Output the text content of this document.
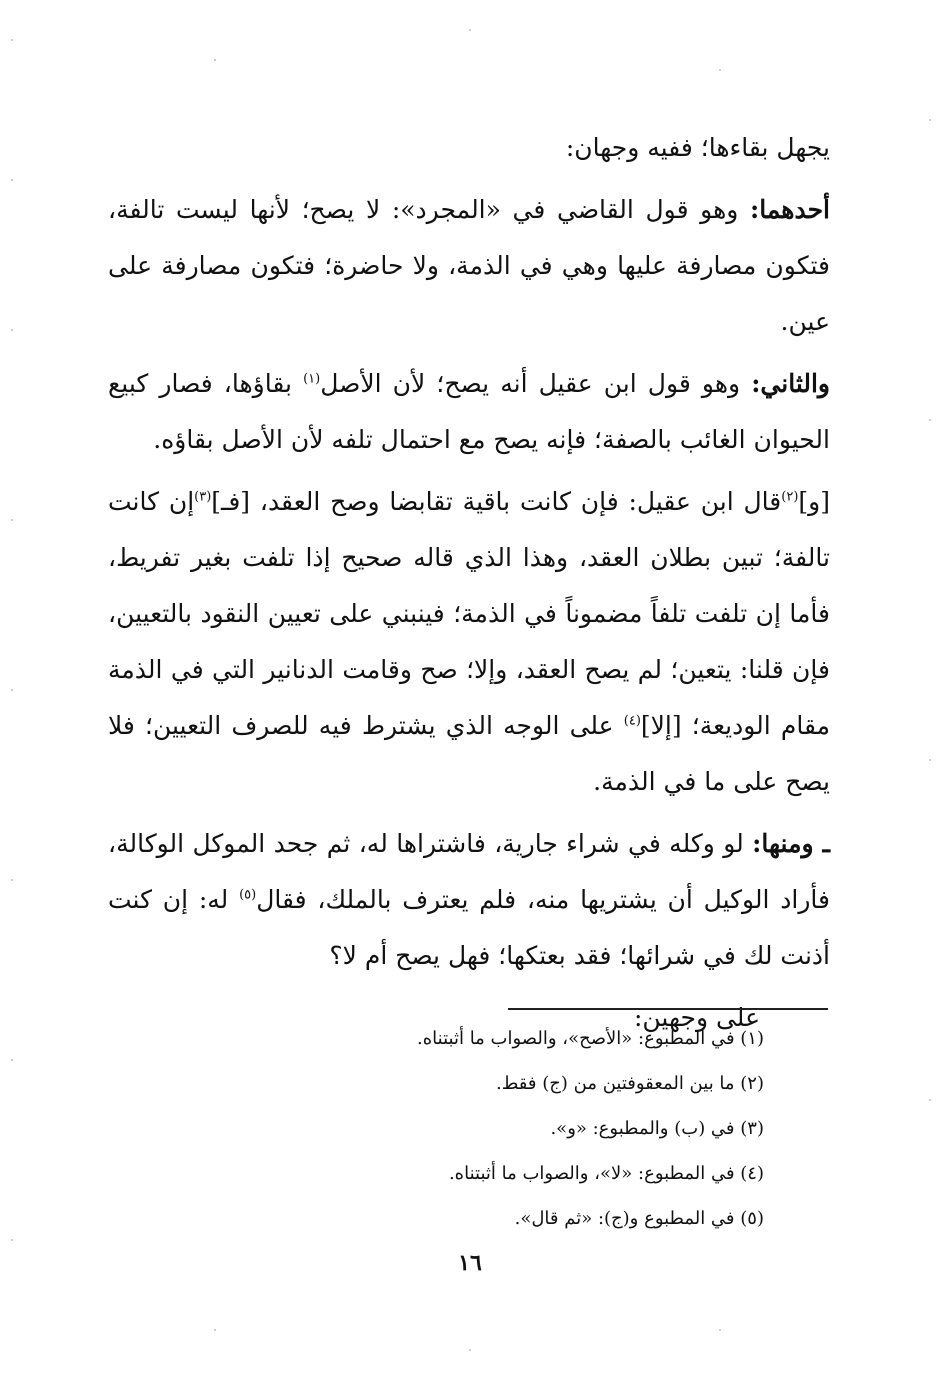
يجهل بقاءها؛ ففيه وجهان:

أحدهما: وهو قول القاضي في «المجرد»: لا يصح؛ لأنها ليست تالفة، فتكون مصارفة عليها وهي في الذمة، ولا حاضرة؛ فتكون مصارفة على عين.

والثاني: وهو قول ابن عقيل أنه يصح؛ لأن الأصل$^{(١)}$ بقاؤها، فصار كبيع الحيوان الغائب بالصفة؛ فإنه يصح مع احتمال تلفه لأن الأصل بقاؤه.

[و]$^{(٢)}$قال ابن عقيل: فإن كانت باقية تقابضا وصح العقد، [فـ]$^{(٣)}$إن كانت تالفة؛ تبين بطلان العقد، وهذا الذي قاله صحيح إذا تلفت بغير تفريط، فأما إن تلفت تلفاً مضموناً في الذمة؛ فينبني على تعيين النقود بالتعيين، فإن قلنا: يتعين؛ لم يصح العقد، وإلا؛ صح وقامت الدنانير التي في الذمة مقام الوديعة؛ [إلا]$^{(٤)}$ على الوجه الذي يشترط فيه للصرف التعيين؛ فلا يصح على ما في الذمة.

ـ ومنها: لو وكله في شراء جارية، فاشتراها له، ثم جحد الموكل الوكالة، فأراد الوكيل أن يشتريها منه، فلم يعترف بالملك، فقال$^{(٥)}$ له: إن كنت أذنت لك في شرائها؛ فقد بعتكها؛ فهل يصح أم لا؟

على وجهين:

(١) في المطبوع: «الأصح»، والصواب ما أثبتناه.
(٢) ما بين المعقوفتين من (ج) فقط.
(٣) في (ب) والمطبوع: «و».
(٤) في المطبوع: «لا»، والصواب ما أثبتناه.
(٥) في المطبوع و(ج): «ثم قال».
١٦
